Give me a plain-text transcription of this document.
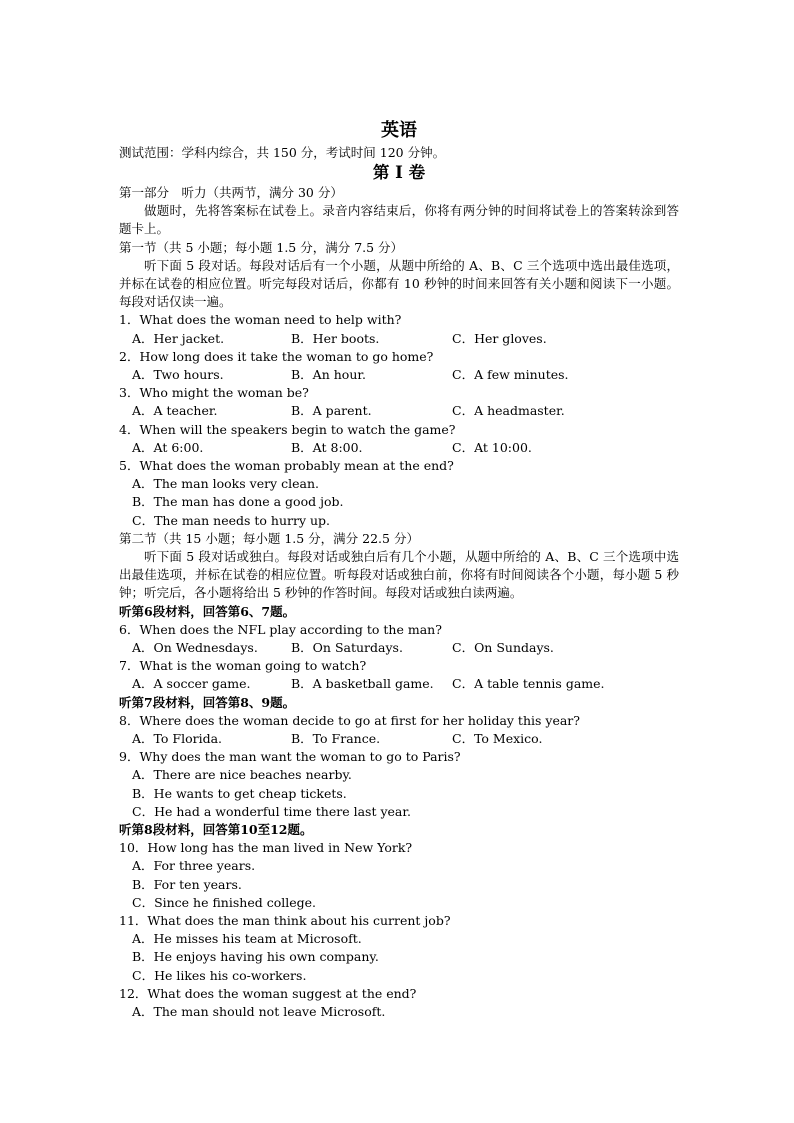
英语
测试范围：学科内综合，共 150 分，考试时间 120 分钟。
第 I 卷
第一部分　听力（共两节，满分 30 分）
做题时，先将答案标在试卷上。录音内容结束后，你将有两分钟的时间将试卷上的答案转涂到答题卡上。
第一节（共 5 小题；每小题 1.5 分，满分 7.5 分）
听下面 5 段对话。每段对话后有一个小题，从题中所给的 A、B、C 三个选项中选出最佳选项，并标在试卷的相应位置。听完每段对话后，你都有 10 秒钟的时间来回答有关小题和阅读下一小题。每段对话仅读一遍。
1．What does the woman need to help with?
A．Her jacket.	B．Her boots.	C．Her gloves.
2．How long does it take the woman to go home?
A．Two hours.	B．An hour.	C．A few minutes.
3．Who might the woman be?
A．A teacher.	B．A parent.	C．A headmaster.
4．When will the speakers begin to watch the game?
A．At 6:00.	B．At 8:00.	C．At 10:00.
5．What does the woman probably mean at the end?
A．The man looks very clean.
B．The man has done a good job.
C．The man needs to hurry up.
第二节（共 15 小题；每小题 1.5 分，满分 22.5 分）
听下面 5 段对话或独白。每段对话或独白后有几个小题，从题中所给的 A、B、C 三个选项中选出最佳选项，并标在试卷的相应位置。听每段对话或独白前，你将有时间阅读各个小题，每小题 5 秒钟；听完后，各小题将给出 5 秒钟的作答时间。每段对话或独白读两遍。
听第6段材料，回答第6、7题。
6．When does the NFL play according to the man?
A．On Wednesdays.	B．On Saturdays.	C．On Sundays.
7．What is the woman going to watch?
A．A soccer game.	B．A basketball game. C．A table tennis game.
听第7段材料，回答第8、9题。
8．Where does the woman decide to go at first for her holiday this year?
A．To Florida.	B．To France.	C．To Mexico.
9．Why does the man want the woman to go to Paris?
A．There are nice beaches nearby.
B．He wants to get cheap tickets.
C．He had a wonderful time there last year.
听第8段材料，回答第10至12题。
10．How long has the man lived in New York?
A．For three years.
B．For ten years.
C．Since he finished college.
11．What does the man think about his current job?
A．He misses his team at Microsoft.
B．He enjoys having his own company.
C．He likes his co-workers.
12．What does the woman suggest at the end?
A．The man should not leave Microsoft.
